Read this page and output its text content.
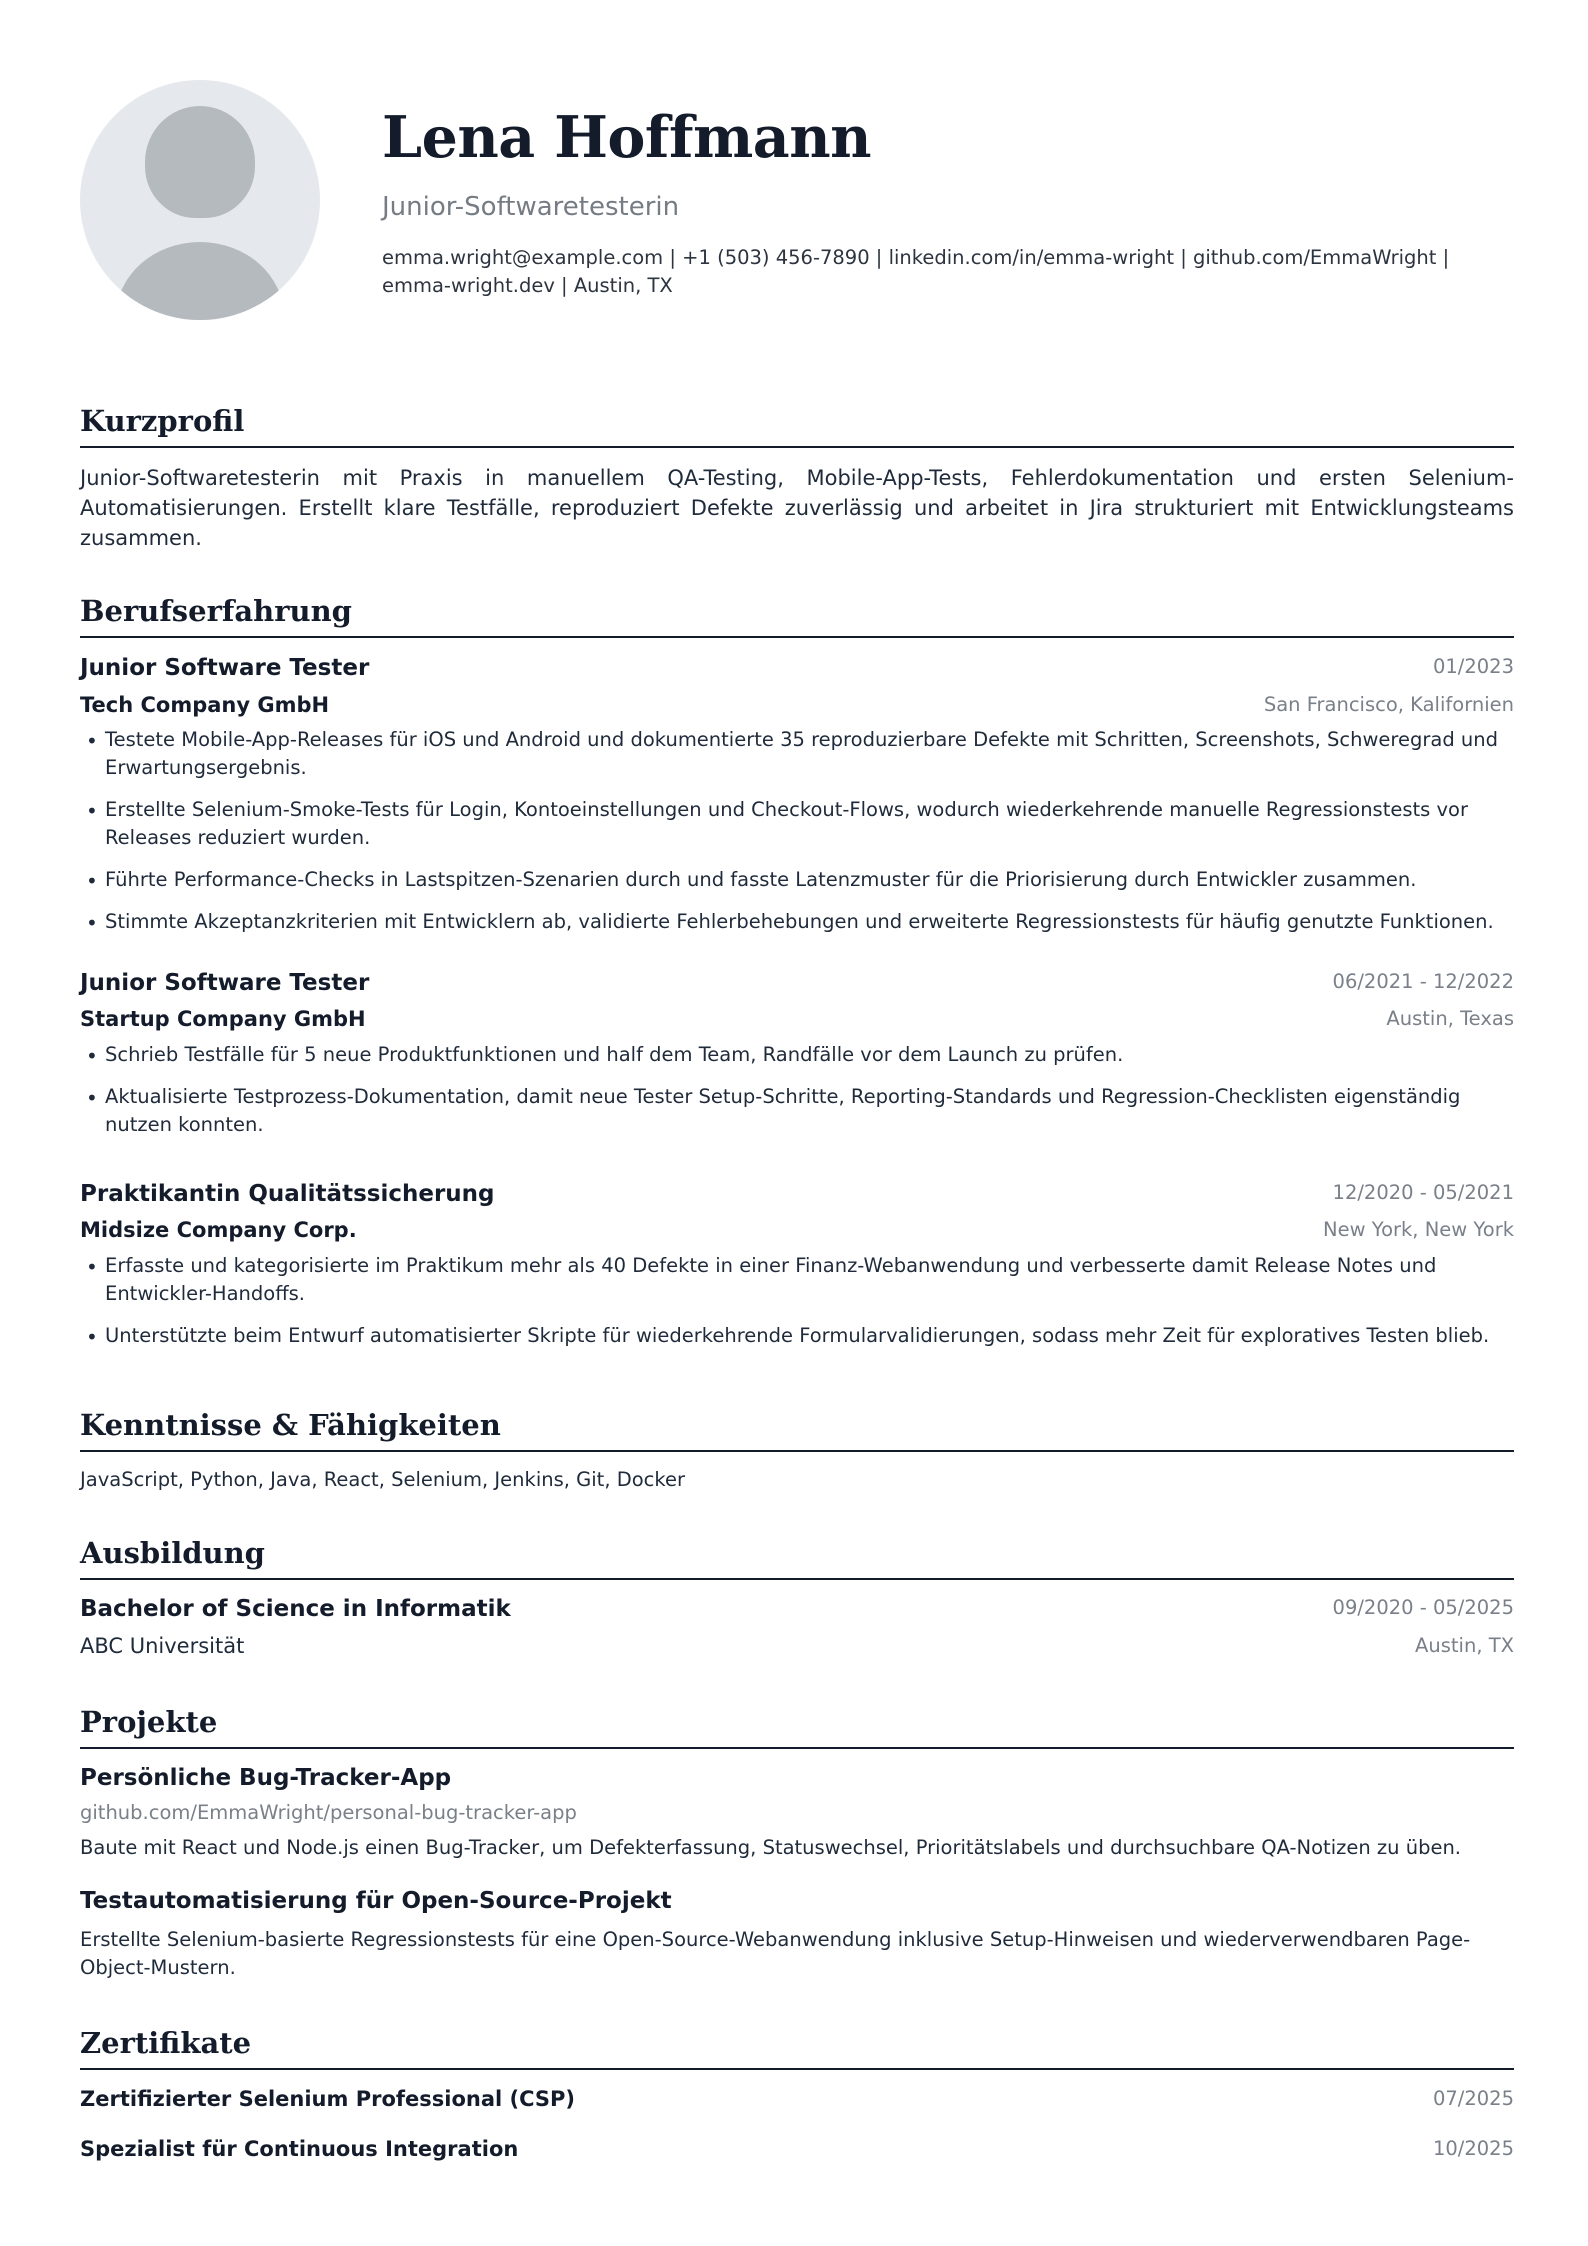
Lena Hoffmann
Junior-Softwaretesterin
emma.wright@example.com | +1 (503) 456-7890 | linkedin.com/in/emma-wright | github.com/EmmaWright | emma-wright.dev | Austin, TX
Kurzprofil
Junior-Softwaretesterin mit Praxis in manuellem QA-Testing, Mobile-App-Tests, Fehlerdokumentation und ersten Selenium-Automatisierungen. Erstellt klare Testfälle, reproduziert Defekte zuverlässig und arbeitet in Jira strukturiert mit Entwicklungsteams zusammen.
Berufserfahrung
Junior Software Tester	01/2023
Tech Company GmbH	San Francisco, Kalifornien
• Testete Mobile-App-Releases für iOS und Android und dokumentierte 35 reproduzierbare Defekte mit Schritten, Screenshots, Schweregrad und Erwartungsergebnis.
• Erstellte Selenium-Smoke-Tests für Login, Kontoeinstellungen und Checkout-Flows, wodurch wiederkehrende manuelle Regressionstests vor Releases reduziert wurden.
• Führte Performance-Checks in Lastspitzen-Szenarien durch und fasste Latenzmuster für die Priorisierung durch Entwickler zusammen.
• Stimmte Akzeptanzkriterien mit Entwicklern ab, validierte Fehlerbehebungen und erweiterte Regressionstests für häufig genutzte Funktionen.
Junior Software Tester	06/2021 - 12/2022
Startup Company GmbH	Austin, Texas
• Schrieb Testfälle für 5 neue Produktfunktionen und half dem Team, Randfälle vor dem Launch zu prüfen.
• Aktualisierte Testprozess-Dokumentation, damit neue Tester Setup-Schritte, Reporting-Standards und Regression-Checklisten eigenständig nutzen konnten.
Praktikantin Qualitätssicherung	12/2020 - 05/2021
Midsize Company Corp.	New York, New York
• Erfasste und kategorisierte im Praktikum mehr als 40 Defekte in einer Finanz-Webanwendung und verbesserte damit Release Notes und Entwickler-Handoffs.
• Unterstützte beim Entwurf automatisierter Skripte für wiederkehrende Formularvalidierungen, sodass mehr Zeit für exploratives Testen blieb.
Kenntnisse & Fähigkeiten
JavaScript, Python, Java, React, Selenium, Jenkins, Git, Docker
Ausbildung
Bachelor of Science in Informatik	09/2020 - 05/2025
ABC Universität	Austin, TX
Projekte
Persönliche Bug-Tracker-App
github.com/EmmaWright/personal-bug-tracker-app
Baute mit React und Node.js einen Bug-Tracker, um Defekterfassung, Statuswechsel, Prioritätslabels und durchsuchbare QA-Notizen zu üben.
Testautomatisierung für Open-Source-Projekt
Erstellte Selenium-basierte Regressionstests für eine Open-Source-Webanwendung inklusive Setup-Hinweisen und wiederverwendbaren Page-Object-Mustern.
Zertifikate
Zertifizierter Selenium Professional (CSP)	07/2025
Spezialist für Continuous Integration	10/2025
